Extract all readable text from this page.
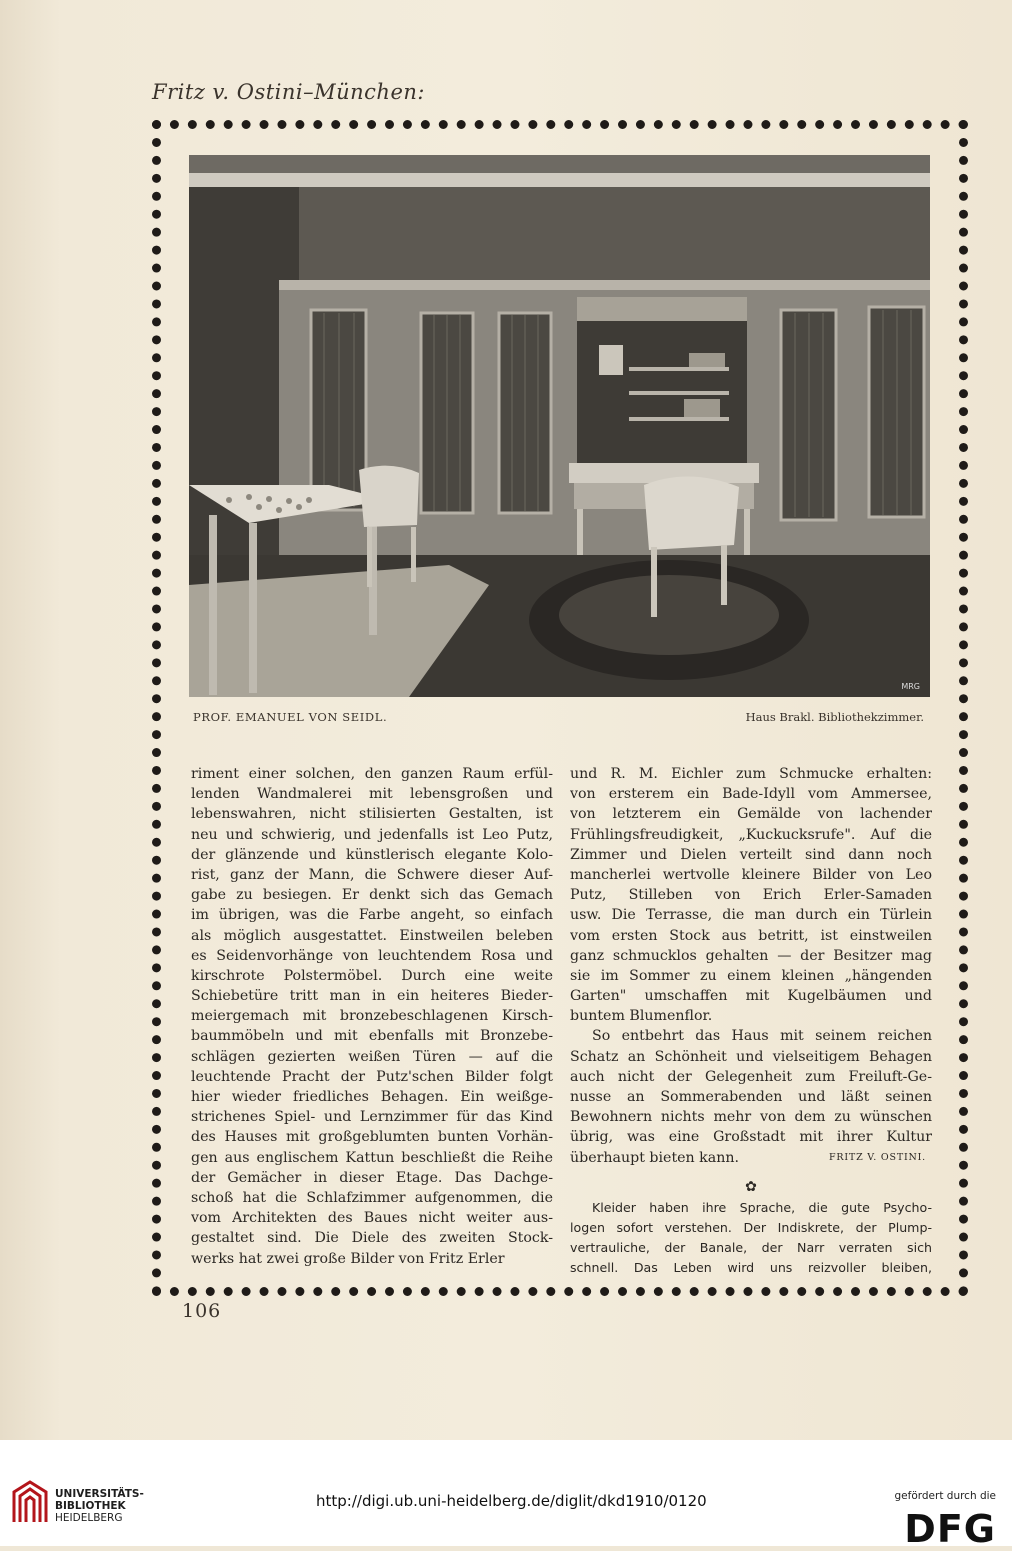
Fritz v. Ostini–München:
MRG
PROF. EMANUEL VON SEIDL.	Haus Brakl. Bibliothekzimmer.
riment einer solchen, den ganzen Raum erfül-
lenden Wandmalerei mit lebensgroßen und
lebenswahren, nicht stilisierten Gestalten, ist
neu und schwierig, und jedenfalls ist Leo Putz,
der glänzende und künstlerisch elegante Kolo-
rist, ganz der Mann, die Schwere dieser Auf-
gabe zu besiegen. Er denkt sich das Gemach
im übrigen, was die Farbe angeht, so einfach
als möglich ausgestattet. Einstweilen beleben
es Seidenvorhänge von leuchtendem Rosa und
kirschrote Polstermöbel. Durch eine weite
Schiebetüre tritt man in ein heiteres Bieder-
meiergemach mit bronzebeschlagenen Kirsch-
baummöbeln und mit ebenfalls mit Bronzebe-
schlägen gezierten weißen Türen — auf die
leuchtende Pracht der Putz'schen Bilder folgt
hier wieder friedliches Behagen. Ein weißge-
strichenes Spiel- und Lernzimmer für das Kind
des Hauses mit großgeblumten bunten Vorhän-
gen aus englischem Kattun beschließt die Reihe
der Gemächer in dieser Etage. Das Dachge-
schoß hat die Schlafzimmer aufgenommen, die
vom Architekten des Baues nicht weiter aus-
gestaltet sind. Die Diele des zweiten Stock-
werks hat zwei große Bilder von Fritz Erler
und R. M. Eichler zum Schmucke erhalten:
von ersterem ein Bade-Idyll vom Ammersee,
von letzterem ein Gemälde von lachender
Frühlingsfreudigkeit, „Kuckucksrufe". Auf die
Zimmer und Dielen verteilt sind dann noch
mancherlei wertvolle kleinere Bilder von Leo
Putz, Stilleben von Erich Erler-Samaden
usw. Die Terrasse, die man durch ein Türlein
vom ersten Stock aus betritt, ist einstweilen
ganz schmucklos gehalten — der Besitzer mag
sie im Sommer zu einem kleinen „hängenden
Garten" umschaffen mit Kugelbäumen und
buntem Blumenflor.
So entbehrt das Haus mit seinem reichen
Schatz an Schönheit und vielseitigem Behagen
auch nicht der Gelegenheit zum Freiluft-Ge-
nusse an Sommerabenden und läßt seinen
Bewohnern nichts mehr von dem zu wünschen
übrig, was eine Großstadt mit ihrer Kultur
überhaupt bieten kann.	FRITZ V. OSTINI.
✿
Kleider haben ihre Sprache, die gute Psycho-
logen sofort verstehen. Der Indiskrete, der Plump-
vertrauliche, der Banale, der Narr verraten sich
schnell. Das Leben wird uns reizvoller bleiben,
106
UNIVERSITÄTS-
BIBLIOTHEK
HEIDELBERG
http://digi.ub.uni-heidelberg.de/diglit/dkd1910/0120	gefördert durch die
DFG
